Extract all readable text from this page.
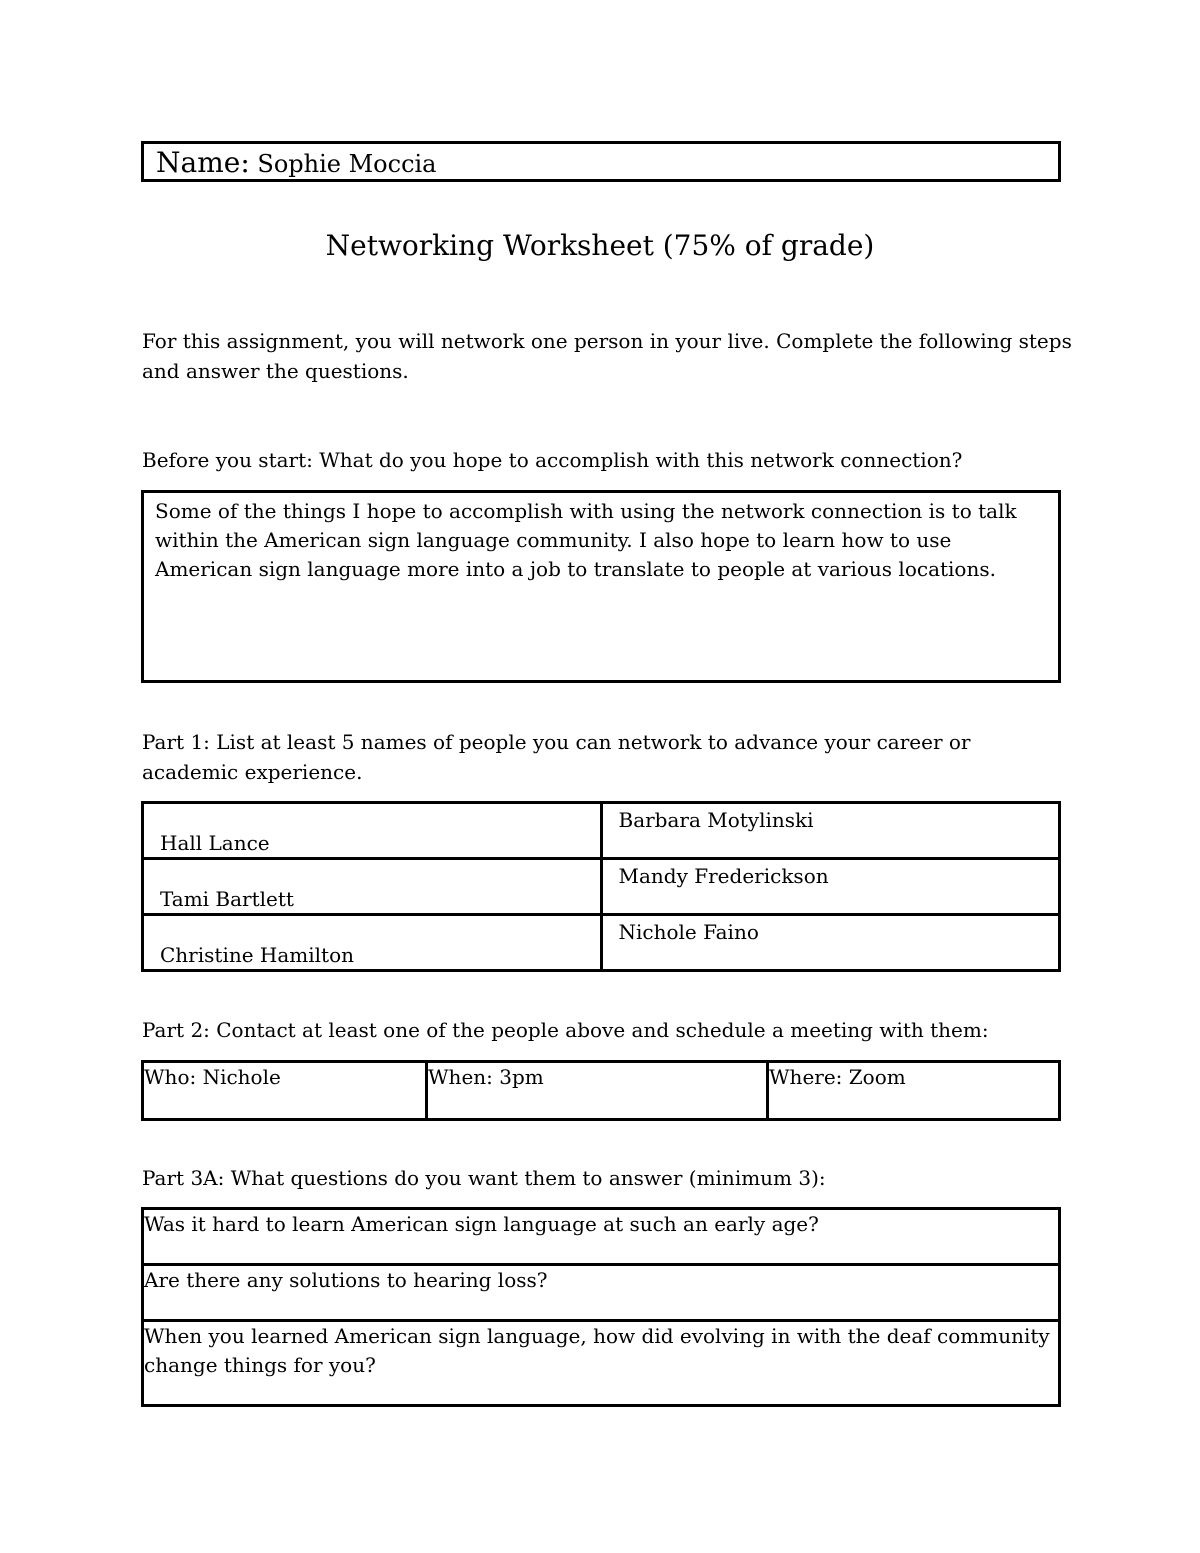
Name: Sophie Moccia
Networking Worksheet (75% of grade)
For this assignment, you will network one person in your live. Complete the following steps and answer the questions.
Before you start: What do you hope to accomplish with this network connection?
Some of the things I hope to accomplish with using the network connection is to talk within the American sign language community. I also hope to learn how to use American sign language more into a job to translate to people at various locations.
Part 1: List at least 5 names of people you can network to advance your career or academic experience.
Hall Lance	Barbara Motylinski
Tami Bartlett	Mandy Frederickson
Christine Hamilton	Nichole Faino
Part 2: Contact at least one of the people above and schedule a meeting with them:
Who: Nichole	When: 3pm	Where: Zoom
Part 3A: What questions do you want them to answer (minimum 3):
Was it hard to learn American sign language at such an early age?
Are there any solutions to hearing loss?
When you learned American sign language, how did evolving in with the deaf community change things for you?
